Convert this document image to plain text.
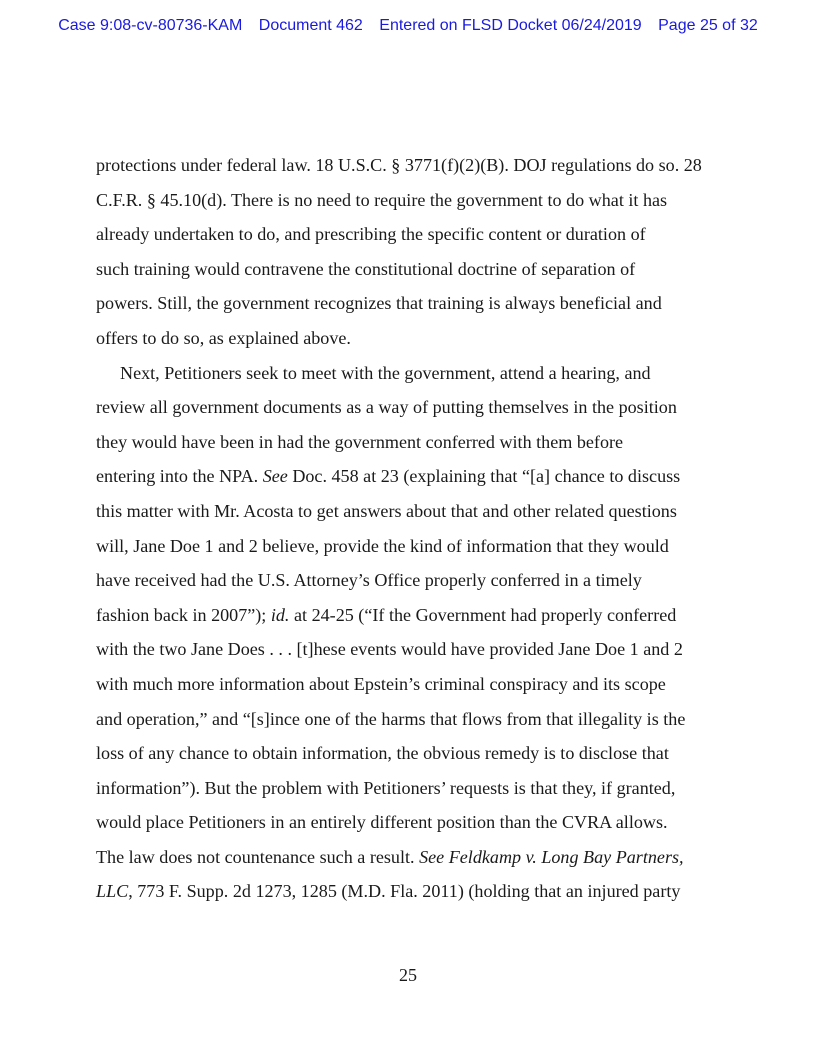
Case 9:08-cv-80736-KAM Document 462 Entered on FLSD Docket 06/24/2019 Page 25 of 32
protections under federal law. 18 U.S.C. § 3771(f)(2)(B). DOJ regulations do so. 28
C.F.R. § 45.10(d). There is no need to require the government to do what it has
already undertaken to do, and prescribing the specific content or duration of
such training would contravene the constitutional doctrine of separation of
powers. Still, the government recognizes that training is always beneficial and
offers to do so, as explained above.
Next, Petitioners seek to meet with the government, attend a hearing, and
review all government documents as a way of putting themselves in the position
they would have been in had the government conferred with them before
entering into the NPA. See Doc. 458 at 23 (explaining that “[a] chance to discuss
this matter with Mr. Acosta to get answers about that and other related questions
will, Jane Doe 1 and 2 believe, provide the kind of information that they would
have received had the U.S. Attorney’s Office properly conferred in a timely
fashion back in 2007”); id. at 24-25 (“If the Government had properly conferred
with the two Jane Does . . . [t]hese events would have provided Jane Doe 1 and 2
with much more information about Epstein’s criminal conspiracy and its scope
and operation,” and “[s]ince one of the harms that flows from that illegality is the
loss of any chance to obtain information, the obvious remedy is to disclose that
information”). But the problem with Petitioners’ requests is that they, if granted,
would place Petitioners in an entirely different position than the CVRA allows.
The law does not countenance such a result. See Feldkamp v. Long Bay Partners,
LLC, 773 F. Supp. 2d 1273, 1285 (M.D. Fla. 2011) (holding that an injured party
25
